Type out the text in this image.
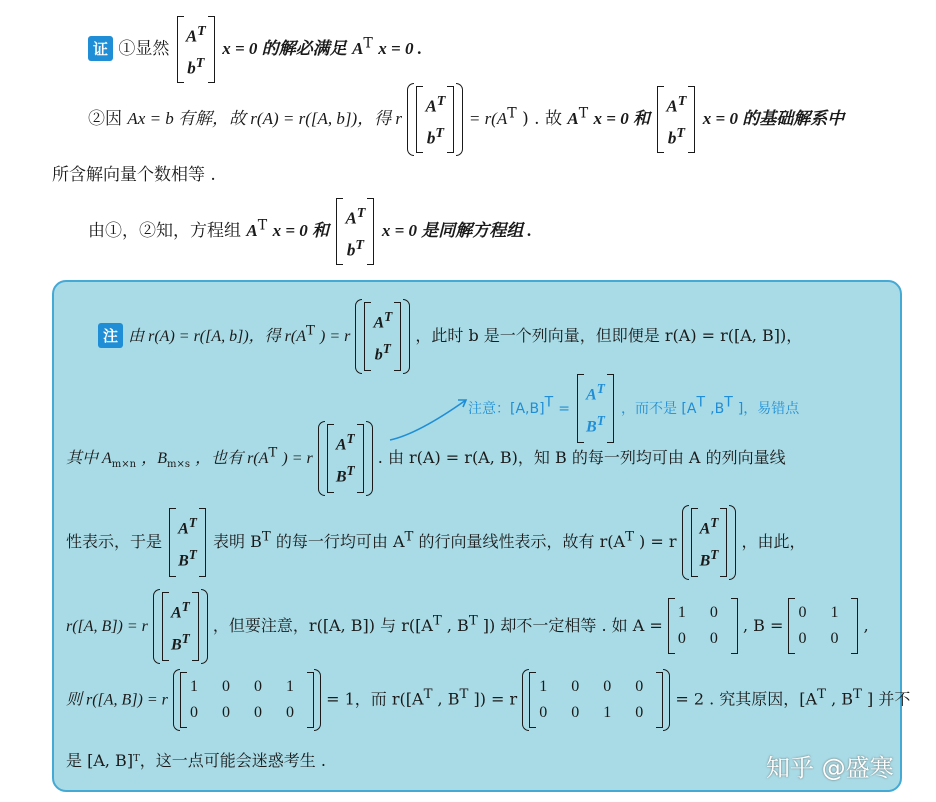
证 ①显然 $A^T$
$b^T$
x = 0 的解必满足 $A^T$ x = 0 .
②因 Ax = b 有解，故 r(A) = r([A, b])，得 r $A^T$
$b^T$
= $r(A^T$ ) . 故 $A^T$ x = 0 和 $A^T$
$b^T$
x = 0 的基础解系中
所含解向量个数相等 .
由①，②知，方程组 $A^T$ x = 0 和 $A^T$
$b^T$
x = 0 是同解方程组 .
注 由 r(A) = r([A, b])，得 $r(A^T$ ) = r $A^T$
$b^T$
，此时 b 是一个列向量，但即便是 r(A) = r([A, B])，
注意：$[A,B]^T = A^T$
$B^T$
，而不是 [$A^T$ $,B^T$ ]，易错点
其中 $A_{m\times n}$ ，$B_{m\times s}$ ，也有 $r(A^T$ ) = r $A^T$
$B^T$
. 由 r(A) = r(A, B)，知 B 的每一列均可由 A 的列向量线
性表示，于是 $A^T$
$B^T$
表明 $B^T$ 的每一行均可由 $A^T$ 的行向量线性表示，故有 $r(A^T$ ) = r $A^T$
$B^T$
，由此，
r([A, B]) = r $A^T$
$B^T$
，但要注意，r([A, B]) 与 $r([A^T$ , $B^T$ ]) 却不一定相等 . 如 A =
1 0
0 0
, B =
0 1
0 0
,
则 r([A, B]) = r
1 0 0 1
0 0 0 0
= 1，而 $r([A^T$ , $B^T$ ]) = r
1 0 0 0
0 0 1 0
= 2 . 究其原因，[$A^T$ , $B^T$ ] 并不
是 [A, B]ᵀ，这一点可能会迷惑考生 .	知乎 @盛寒
